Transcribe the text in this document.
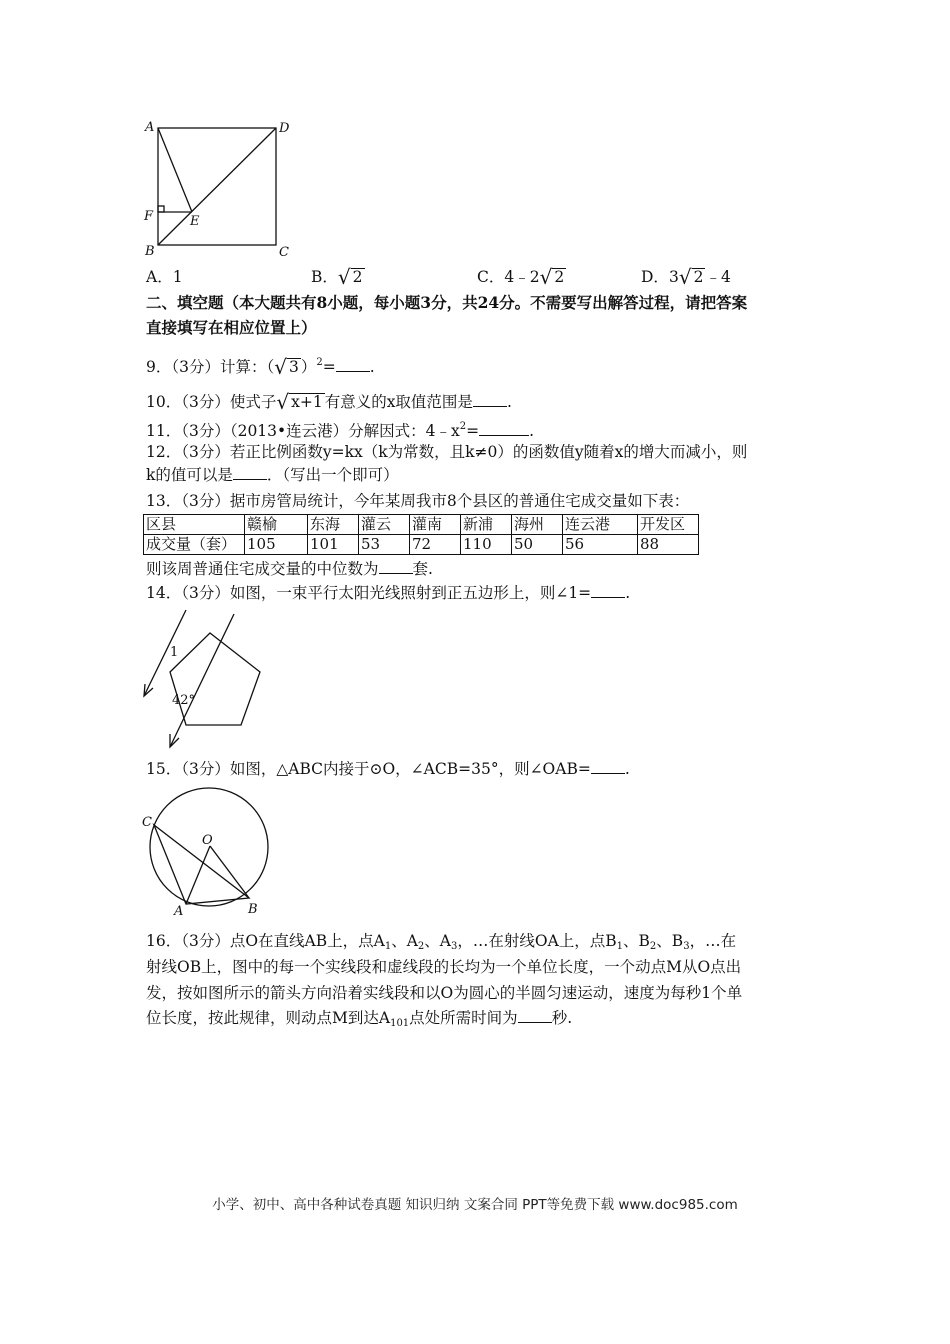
A	D
F	E
B	C
A．1	B．√ 2	C．4﹣2√ 2	D．3√ 2 ﹣4
二、填空题（本大题共有8小题，每小题3分，共24分。不需要写出解答过程，请把答案
直接填写在相应位置上）
9．（3分）计算：（√ 3 ）$^2$= .
10．（3分）使式子√ x+1 有意义的x取值范围是 .
11．（3分）（2013•连云港）分解因式：$4﹣x^2=$	.
12．（3分）若正比例函数y=kx（k为常数，且k≠0）的函数值y随着x的增大而减小，则
k的值可以是 ．（写出一个即可）
13．（3分）据市房管局统计，今年某周我市8个县区的普通住宅成交量如下表：
区县	赣榆	东海	灌云	灌南	新浦	海州	连云港	开发区
成交量（套）	105	101	53	72	110	50	56	88
则该周普通住宅成交量的中位数为 套.
14．（3分）如图，一束平行太阳光线照射到正五边形上，则∠1= .
1
42°
15．（3分）如图，△ABC内接于⊙O，∠ACB=35°，则∠OAB= .
C
O
A	B
16．（3分）点O在直线AB上，点$A_1$、$A_2$、$A_3$，…在射线OA上，点$B_1$、$B_2$、$B_3$，…在
射线OB上，图中的每一个实线段和虚线段的长均为一个单位长度，一个动点M从O点出
发，按如图所示的箭头方向沿着实线段和以O为圆心的半圆匀速运动，速度为每秒1个单
位长度，按此规律，则动点M到达$A_{101}$点处所需时间为 秒.
小学、初中、高中各种试卷真题 知识归纳 文案合同 PPT等免费下载 www.doc985.com
